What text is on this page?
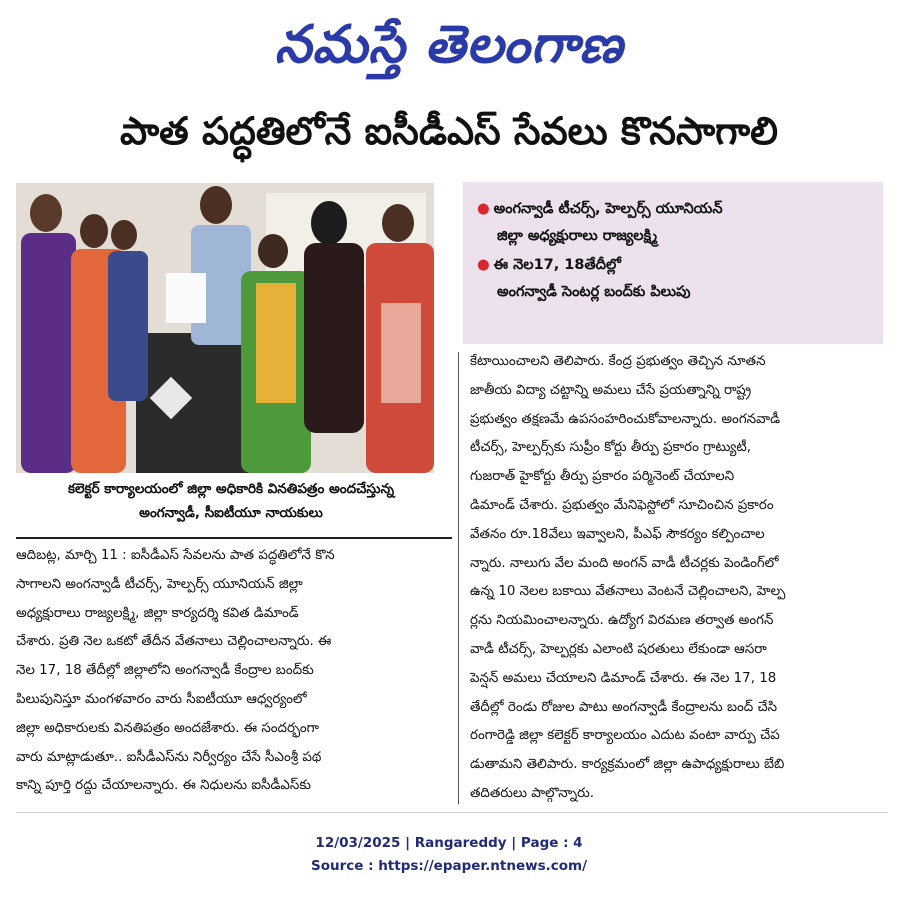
నమస్తే తెలంగాణ
పాత పద్ధతిలోనే ఐసీడీఎస్ సేవలు కొనసాగాలి
కలెక్టర్ కార్యాలయంలో జిల్లా అధికారికి వినతిపత్రం అందచేస్తున్న
అంగన్వాడీ, సీఐటీయూ నాయకులు
● అంగన్వాడీ టీచర్స్, హెల్పర్స్ యూనియన్
జిల్లా అధ్యక్షురాలు రాజ్యలక్ష్మి
● ఈ నెల17, 18తేదీల్లో
అంగన్వాడీ సెంటర్ల బంద్‌కు పిలుపు

ఆదిబట్ల, మార్చి 11 : ఐసీడీఎస్ సేవలను పాత పద్ధతిలోనే కొన

సాగాలని అంగన్వాడీ టీచర్స్, హెల్పర్స్ యూనియన్ జిల్లా

అధ్యక్షురాలు రాజ్యలక్ష్మి, జిల్లా కార్యదర్శి కవిత డిమాండ్

చేశారు. ప్రతి నెల ఒకటో తేదీన వేతనాలు చెల్లించాలన్నారు. ఈ

నెల 17, 18 తేదీల్లో జిల్లాలోని అంగన్వాడీ కేంద్రాల బంద్‌కు

పిలుపునిస్తూ మంగళవారం వారు సీఐటీయూ ఆధ్వర్యంలో

జిల్లా అధికారులకు వినతిపత్రం అందజేశారు. ఈ సందర్భంగా

వారు మాట్లాడుతూ.. ఐసీడీఎస్‌ను నిర్వీర్యం చేసే సీఎంశ్రీ పథ

కాన్ని పూర్తి రద్దు చేయాలన్నారు. ఈ నిధులను ఐసీడీఎస్‌కు

కేటాయించాలని తెలిపారు. కేంద్ర ప్రభుత్వం తెచ్చిన నూతన

జాతీయ విద్యా చట్టాన్ని అమలు చేసే ప్రయత్నాన్ని రాష్ట్ర

ప్రభుత్వం తక్షణమే ఉపసంహరించుకోవాలన్నారు. అంగనవాడీ

టీచర్స్, హెల్పర్స్‌కు సుప్రీం కోర్టు తీర్పు ప్రకారం గ్రాట్యుటీ,

గుజరాత్ హైకోర్టు తీర్పు ప్రకారం పర్మినెంట్ చేయాలని

డిమాండ్ చేశారు. ప్రభుత్వం మేనిఫెస్టోలో సూచించిన ప్రకారం

వేతనం రూ.18వేలు ఇవ్వాలని, పీఎఫ్ సౌకర్యం కల్పించాల

న్నారు. నాలుగు వేల మంది అంగన్ వాడీ టీచర్లకు పెండింగ్‌లో

ఉన్న 10 నెలల బకాయి వేతనాలు వెంటనే చెల్లించాలని, హెల్ప

ర్లను నియమించాలన్నారు. ఉద్యోగ విరమణ తర్వాత అంగన్

వాడీ టీచర్స్, హెల్పర్లకు ఎలాంటి షరతులు లేకుండా ఆసరా

పెన్షన్ అమలు చేయాలని డిమాండ్ చేశారు. ఈ నెల 17, 18

తేదీల్లో రెండు రోజుల పాటు అంగన్వాడీ కేంద్రాలను బంద్ చేసి

రంగారెడ్డి జిల్లా కలెక్టర్ కార్యాలయం ఎదుట వంటా వార్పు చేప

డుతామని తెలిపారు. కార్యక్రమంలో జిల్లా ఉపాధ్యక్షురాలు బేబి

తదితరులు పాల్గొన్నారు.

12/03/2025 | Rangareddy | Page : 4
Source : https://epaper.ntnews.com/
